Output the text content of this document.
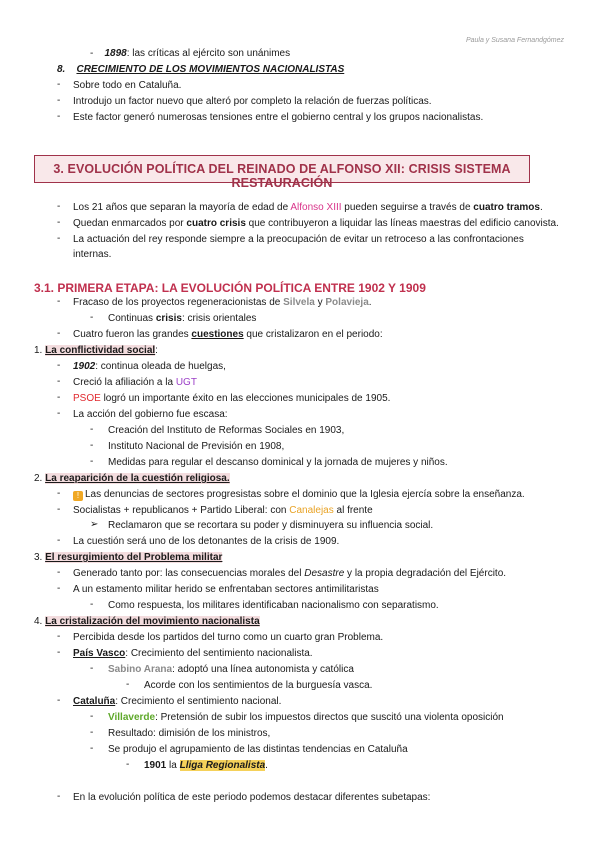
Paula y Susana Fernandgómez
- 1898: las críticas al ejército son unánimes
8. CRECIMIENTO DE LOS MOVIMIENTOS NACIONALISTAS
- Sobre todo en Cataluña.
- Introdujo un factor nuevo que alteró por completo la relación de fuerzas políticas.
- Este factor generó numerosas tensiones entre el gobierno central y los grupos nacionalistas.
3. EVOLUCIÓN POLÍTICA DEL REINADO DE ALFONSO XII: CRISIS SISTEMA RESTAURACIÓN
- Los 21 años que separan la mayoría de edad de Alfonso XIII pueden seguirse a través de cuatro tramos.
- Quedan enmarcados por cuatro crisis que contribuyeron a liquidar las líneas maestras del edificio canovista.
- La actuación del rey responde siempre a la preocupación de evitar un retroceso a las confrontaciones
internas.
3.1. PRIMERA ETAPA: LA EVOLUCIÓN POLÍTICA ENTRE 1902 Y 1909
- Fracaso de los proyectos regeneracionistas de Silvela y Polavieja.
- Continuas crisis: crisis orientales
- Cuatro fueron las grandes cuestiones que cristalizaron en el periodo:
1. La conflictividad social:
- 1902: continua oleada de huelgas,
- Creció la afiliación a la UGT
- PSOE logró un importante éxito en las elecciones municipales de 1905.
- La acción del gobierno fue escasa:
- Creación del Instituto de Reformas Sociales en 1903,
- Instituto Nacional de Previsión en 1908,
- Medidas para regular el descanso dominical y la jornada de mujeres y niños.
2. La reaparición de la cuestión religiosa.
-	! Las denuncias de sectores progresistas sobre el dominio que la Iglesia ejercía sobre la enseñanza.
- Socialistas + republicanos + Partido Liberal: con Canalejas al frente
➢ Reclamaron que se recortara su poder y disminuyera su influencia social.
- La cuestión será uno de los detonantes de la crisis de 1909.
3. El resurgimiento del Problema militar
- Generado tanto por: las consecuencias morales del Desastre y la propia degradación del Ejército.
- A un estamento militar herido se enfrentaban sectores antimilitaristas
- Como respuesta, los militares identificaban nacionalismo con separatismo.
4. La cristalización del movimiento nacionalista
- Percibida desde los partidos del turno como un cuarto gran Problema.
- País Vasco: Crecimiento del sentimiento nacionalista.
- Sabino Arana: adoptó una línea autonomista y católica
- Acorde con los sentimientos de la burguesía vasca.
- Cataluña: Crecimiento el sentimiento nacional.
- Villaverde: Pretensión de subir los impuestos directos que suscitó una violenta oposición
- Resultado: dimisión de los ministros,
- Se produjo el agrupamiento de las distintas tendencias en Cataluña
- 1901 la Lliga Regionalista.
- En la evolución política de este periodo podemos destacar diferentes subetapas:
